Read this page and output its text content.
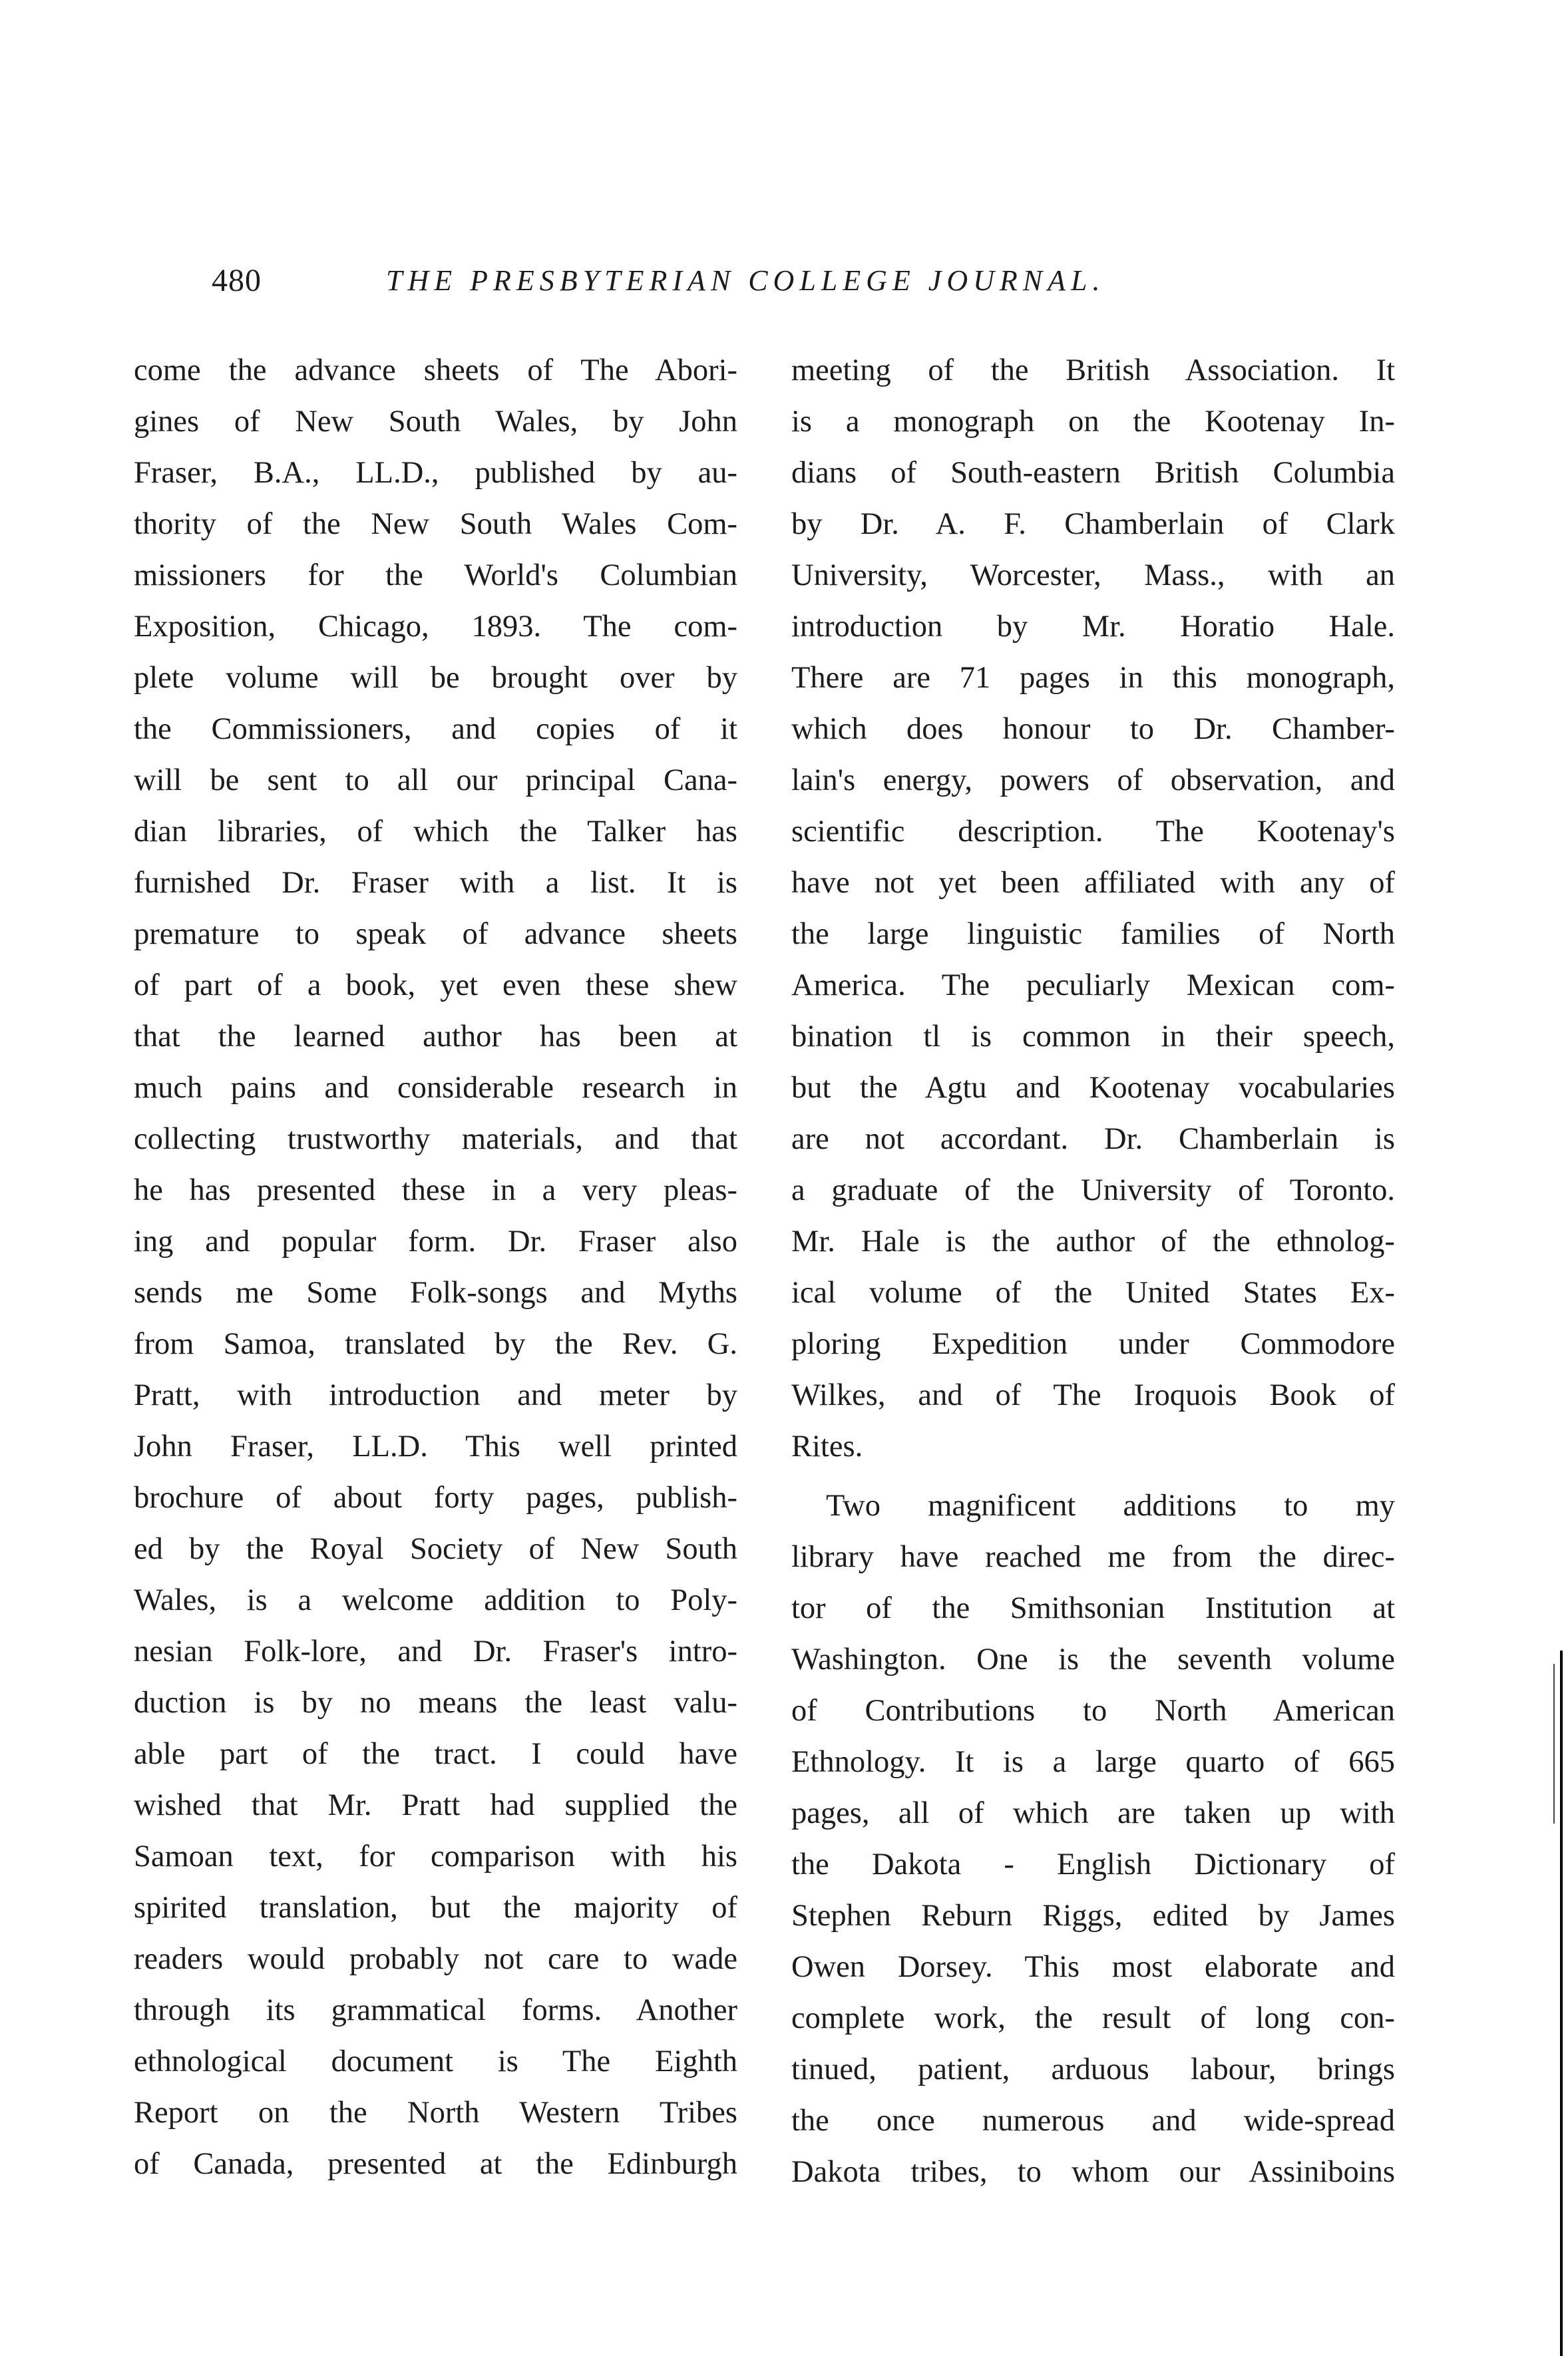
480	THE PRESBYTERIAN COLLEGE JOURNAL.
come the advance sheets of The Abori-
gines of New South Wales, by John
Fraser, B.A., LL.D., published by au-
thority of the New South Wales Com-
missioners for the World's Columbian
Exposition, Chicago, 1893. The com-
plete volume will be brought over by
the Commissioners, and copies of it
will be sent to all our principal Cana-
dian libraries, of which the Talker has
furnished Dr. Fraser with a list. It is
premature to speak of advance sheets
of part of a book, yet even these shew
that the learned author has been at
much pains and considerable research in
collecting trustworthy materials, and that
he has presented these in a very pleas-
ing and popular form. Dr. Fraser also
sends me Some Folk-songs and Myths
from Samoa, translated by the Rev. G.
Pratt, with introduction and meter by
John Fraser, LL.D. This well printed
brochure of about forty pages, publish-
ed by the Royal Society of New South
Wales, is a welcome addition to Poly-
nesian Folk-lore, and Dr. Fraser's intro-
duction is by no means the least valu-
able part of the tract. I could have
wished that Mr. Pratt had supplied the
Samoan text, for comparison with his
spirited translation, but the majority of
readers would probably not care to wade
through its grammatical forms. Another
ethnological document is The Eighth
Report on the North Western Tribes
of Canada, presented at the Edinburgh
meeting of the British Association. It
is a monograph on the Kootenay In-
dians of South-eastern British Columbia
by Dr. A. F. Chamberlain of Clark
University, Worcester, Mass., with an
introduction by Mr. Horatio Hale.
There are 71 pages in this monograph,
which does honour to Dr. Chamber-
lain's energy, powers of observation, and
scientific description. The Kootenay's
have not yet been affiliated with any of
the large linguistic families of North
America. The peculiarly Mexican com-
bination tl is common in their speech,
but the Agtu and Kootenay vocabularies
are not accordant. Dr. Chamberlain is
a graduate of the University of Toronto.
Mr. Hale is the author of the ethnolog-
ical volume of the United States Ex-
ploring Expedition under Commodore
Wilkes, and of The Iroquois Book of
Rites.
Two magnificent additions to my
library have reached me from the direc-
tor of the Smithsonian Institution at
Washington. One is the seventh volume
of Contributions to North American
Ethnology. It is a large quarto of 665
pages, all of which are taken up with
the Dakota - English Dictionary of
Stephen Reburn Riggs, edited by James
Owen Dorsey. This most elaborate and
complete work, the result of long con-
tinued, patient, arduous labour, brings
the once numerous and wide-spread
Dakota tribes, to whom our Assiniboins
